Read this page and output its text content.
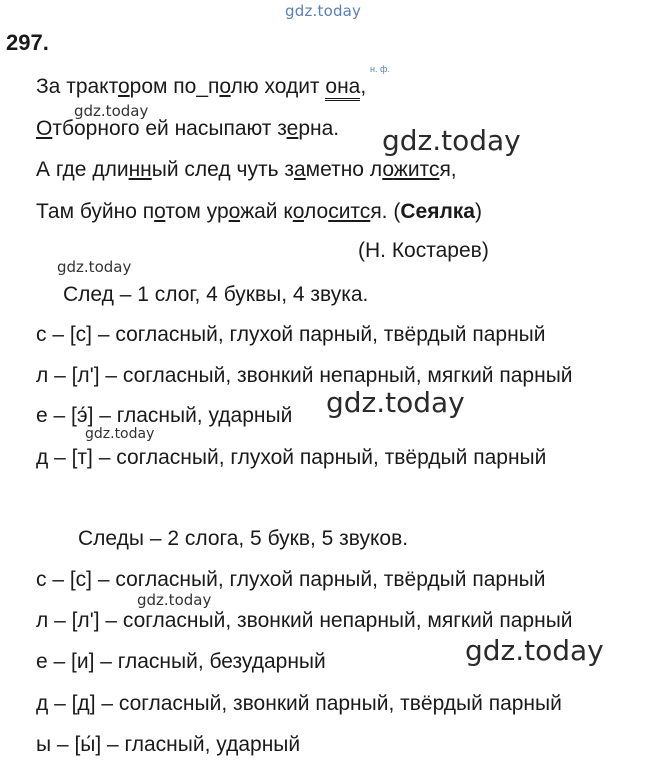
gdz.today
gdz.today
gdz.today
gdz.today
gdz.today
gdz.today
gdz.today
gdz.today
297.
н. ф.
За трактором по_полю ходит она,
Отборного ей насыпают зерна.
А где длинный след чуть заметно ложится,
Там буйно потом урожай колосится. (Сеялка)
(Н. Костарев)
След – 1 слог, 4 буквы, 4 звука.
с – [с] – согласный, глухой парный, твёрдый парный
л – [л'] – согласный, звонкий непарный, мягкий парный
е – [э́] – гласный, ударный
д – [т] – согласный, глухой парный, твёрдый парный
Следы – 2 слога, 5 букв, 5 звуков.
с – [с] – согласный, глухой парный, твёрдый парный
л – [л'] – согласный, звонкий непарный, мягкий парный
е – [и] – гласный, безударный
д – [д] – согласный, звонкий парный, твёрдый парный
ы – [ы́] – гласный, ударный
